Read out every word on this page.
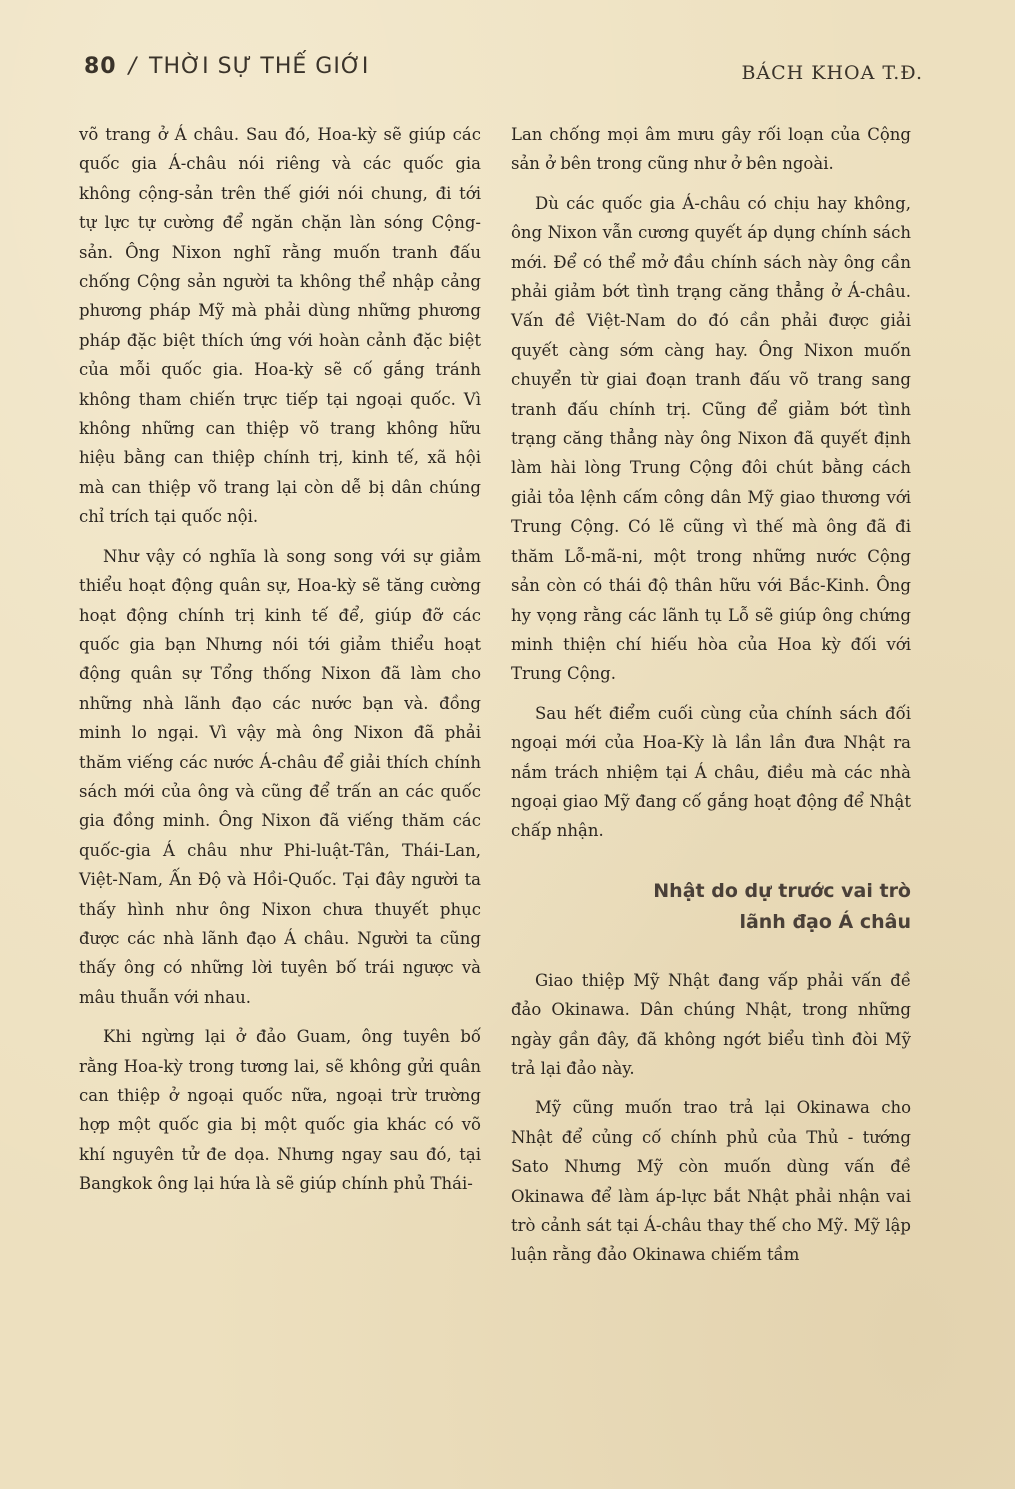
80 / THỜI SỰ THẾ GIỚI	BÁCH KHOA T.Đ.

võ trang ở Á châu. Sau đó, Hoa-kỳ sẽ giúp các quốc gia Á-châu nói riêng và các quốc gia không cộng-sản trên thế giới nói chung, đi tới tự lực tự cường để ngăn chặn làn sóng Cộng-sản. Ông Nixon nghĩ rằng muốn tranh đấu chống Cộng sản người ta không thể nhập cảng phương pháp Mỹ mà phải dùng những phương pháp đặc biệt thích ứng với hoàn cảnh đặc biệt của mỗi quốc gia. Hoa-kỳ sẽ cố gắng tránh không tham chiến trực tiếp tại ngoại quốc. Vì không những can thiệp võ trang không hữu hiệu bằng can thiệp chính trị, kinh tế, xã hội mà can thiệp võ trang lại còn dễ bị dân chúng chỉ trích tại quốc nội.

Như vậy có nghĩa là song song với sự giảm thiểu hoạt động quân sự, Hoa-kỳ sẽ tăng cường hoạt động chính trị kinh tế để, giúp đỡ các quốc gia bạn Nhưng nói tới giảm thiểu hoạt động quân sự Tổng thống Nixon đã làm cho những nhà lãnh đạo các nước bạn và. đồng minh lo ngại. Vì vậy mà ông Nixon đã phải thăm viếng các nước Á-châu để giải thích chính sách mới của ông và cũng để trấn an các quốc gia đồng minh. Ông Nixon đã viếng thăm các quốc-gia Á châu như Phi-luật-Tân, Thái-Lan, Việt-Nam, Ấn Độ và Hồi-Quốc. Tại đây người ta thấy hình như ông Nixon chưa thuyết phục được các nhà lãnh đạo Á châu. Người ta cũng thấy ông có những lời tuyên bố trái ngược và mâu thuẫn với nhau.

Khi ngừng lại ở đảo Guam, ông tuyên bố rằng Hoa-kỳ trong tương lai, sẽ không gửi quân can thiệp ở ngoại quốc nữa, ngoại trừ trường hợp một quốc gia bị một quốc gia khác có võ khí nguyên tử đe dọa. Nhưng ngay sau đó, tại Bangkok ông lại hứa là sẽ giúp chính phủ Thái-

Lan chống mọi âm mưu gây rối loạn của Cộng sản ở bên trong cũng như ở bên ngoài.

Dù các quốc gia Á-châu có chịu hay không, ông Nixon vẫn cương quyết áp dụng chính sách mới. Để có thể mở đầu chính sách này ông cần phải giảm bớt tình trạng căng thẳng ở Á-châu. Vấn đề Việt-Nam do đó cần phải được giải quyết càng sớm càng hay. Ông Nixon muốn chuyển từ giai đoạn tranh đấu võ trang sang tranh đấu chính trị. Cũng để giảm bớt tình trạng căng thẳng này ông Nixon đã quyết định làm hài lòng Trung Cộng đôi chút bằng cách giải tỏa lệnh cấm công dân Mỹ giao thương với Trung Cộng. Có lẽ cũng vì thế mà ông đã đi thăm Lỗ-mã-ni, một trong những nước Cộng sản còn có thái độ thân hữu với Bắc-Kinh. Ông hy vọng rằng các lãnh tụ Lỗ sẽ giúp ông chứng minh thiện chí hiếu hòa của Hoa kỳ đối với Trung Cộng.

Sau hết điểm cuối cùng của chính sách đối ngoại mới của Hoa-Kỳ là lần lần đưa Nhật ra nắm trách nhiệm tại Á châu, điều mà các nhà ngoại giao Mỹ đang cố gắng hoạt động để Nhật chấp nhận.

Nhật do dự trước vai trò
lãnh đạo Á châu

Giao thiệp Mỹ Nhật đang vấp phải vấn đề đảo Okinawa. Dân chúng Nhật, trong những ngày gần đây, đã không ngớt biểu tình đòi Mỹ trả lại đảo này.

Mỹ cũng muốn trao trả lại Okinawa cho Nhật để củng cố chính phủ của Thủ - tướng Sato Nhưng Mỹ còn muốn dùng vấn đề Okinawa để làm áp-lực bắt Nhật phải nhận vai trò cảnh sát tại Á-châu thay thế cho Mỹ. Mỹ lập luận rằng đảo Okinawa chiếm tầm
